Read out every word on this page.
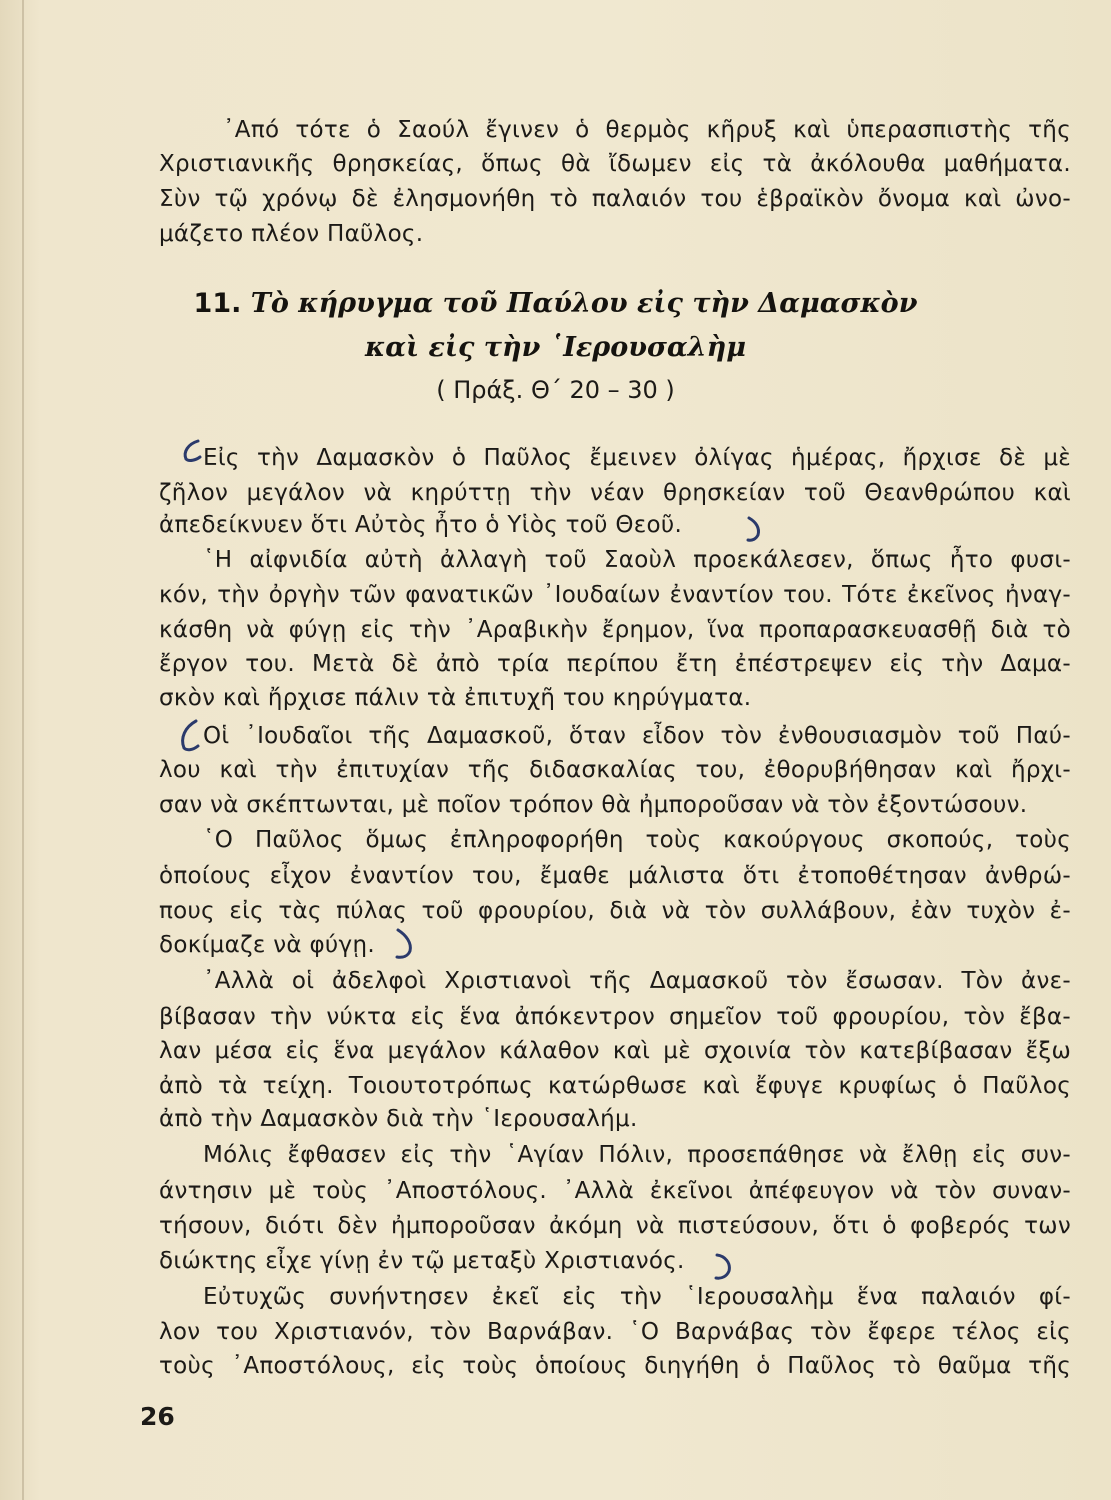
᾿Από τότε ὁ Σαούλ ἔγινεν ὁ θερμὸς κῆρυξ καὶ ὑπερασπιστὴς τῆς
Χριστιανικῆς θρησκείας, ὅπως θὰ ἴδωμεν εἰς τὰ ἀκόλουθα μαθήματα.
Σὺν τῷ χρόνῳ δὲ ἐλησμονήθη τὸ παλαιόν του ἑβραϊκὸν ὄνομα καὶ ὠνο-
μάζετο πλέον Παῦλος.
11. Τὸ κήρυγμα τοῦ Παύλου εἰς τὴν Δαμασκὸν
καὶ εἰς τὴν ῾Ιερουσαλὴμ
( Πράξ. Θ΄ 20 – 30 )
Εἰς τὴν Δαμασκὸν ὁ Παῦλος ἔμεινεν ὀλίγας ἡμέρας, ἤρχισε δὲ μὲ
ζῆλον μεγάλον νὰ κηρύττῃ τὴν νέαν θρησκείαν τοῦ Θεανθρώπου καὶ
ἀπεδείκνυεν ὅτι Αὐτὸς ἦτο ὁ Υἱὸς τοῦ Θεοῦ.
῾Η αἰφνιδία αὐτὴ ἀλλαγὴ τοῦ Σαοὺλ προεκάλεσεν, ὅπως ἦτο φυσι-
κόν, τὴν ὀργὴν τῶν φανατικῶν ᾿Ιουδαίων ἐναντίον του. Τότε ἐκεῖνος ἠναγ-
κάσθη νὰ φύγῃ εἰς τὴν ᾿Αραβικὴν ἔρημον, ἵνα προπαρασκευασθῇ διὰ τὸ
ἔργον του. Μετὰ δὲ ἀπὸ τρία περίπου ἔτη ἐπέστρεψεν εἰς τὴν Δαμα-
σκὸν καὶ ἤρχισε πάλιν τὰ ἐπιτυχῆ του κηρύγματα.
Οἱ ᾿Ιουδαῖοι τῆς Δαμασκοῦ, ὅταν εἶδον τὸν ἐνθουσιασμὸν τοῦ Παύ-
λου καὶ τὴν ἐπιτυχίαν τῆς διδασκαλίας του, ἐθορυβήθησαν καὶ ἤρχι-
σαν νὰ σκέπτωνται, μὲ ποῖον τρόπον θὰ ἠμποροῦσαν νὰ τὸν ἐξοντώσουν.
῾Ο Παῦλος ὅμως ἐπληροφορήθη τοὺς κακούργους σκοπούς, τοὺς
ὁποίους εἶχον ἐναντίον του, ἔμαθε μάλιστα ὅτι ἐτοποθέτησαν ἀνθρώ-
πους εἰς τὰς πύλας τοῦ φρουρίου, διὰ νὰ τὸν συλλάβουν, ἐὰν τυχὸν ἐ-
δοκίμαζε νὰ φύγῃ.
᾿Αλλὰ οἱ ἀδελφοὶ Χριστιανοὶ τῆς Δαμασκοῦ τὸν ἔσωσαν. Τὸν ἀνε-
βίβασαν τὴν νύκτα εἰς ἕνα ἀπόκεντρον σημεῖον τοῦ φρουρίου, τὸν ἔβα-
λαν μέσα εἰς ἕνα μεγάλον κάλαθον καὶ μὲ σχοινία τὸν κατεβίβασαν ἔξω
ἀπὸ τὰ τείχη. Τοιουτοτρόπως κατώρθωσε καὶ ἔφυγε κρυφίως ὁ Παῦλος
ἀπὸ τὴν Δαμασκὸν διὰ τὴν ῾Ιερουσαλήμ.
Μόλις ἔφθασεν εἰς τὴν ῾Αγίαν Πόλιν, προσεπάθησε νὰ ἔλθῃ εἰς συν-
άντησιν μὲ τοὺς ᾿Αποστόλους. ᾿Αλλὰ ἐκεῖνοι ἀπέφευγον νὰ τὸν συναν-
τήσουν, διότι δὲν ἠμποροῦσαν ἀκόμη νὰ πιστεύσουν, ὅτι ὁ φοβερός των
διώκτης εἶχε γίνῃ ἐν τῷ μεταξὺ Χριστιανός.
Εὐτυχῶς συνήντησεν ἐκεῖ εἰς τὴν ῾Ιερουσαλὴμ ἕνα παλαιόν φί-
λον του Χριστιανόν, τὸν Βαρνάβαν. ῾Ο Βαρνάβας τὸν ἔφερε τέλος εἰς
τοὺς ᾿Αποστόλους, εἰς τοὺς ὁποίους διηγήθη ὁ Παῦλος τὸ θαῦμα τῆς
26
